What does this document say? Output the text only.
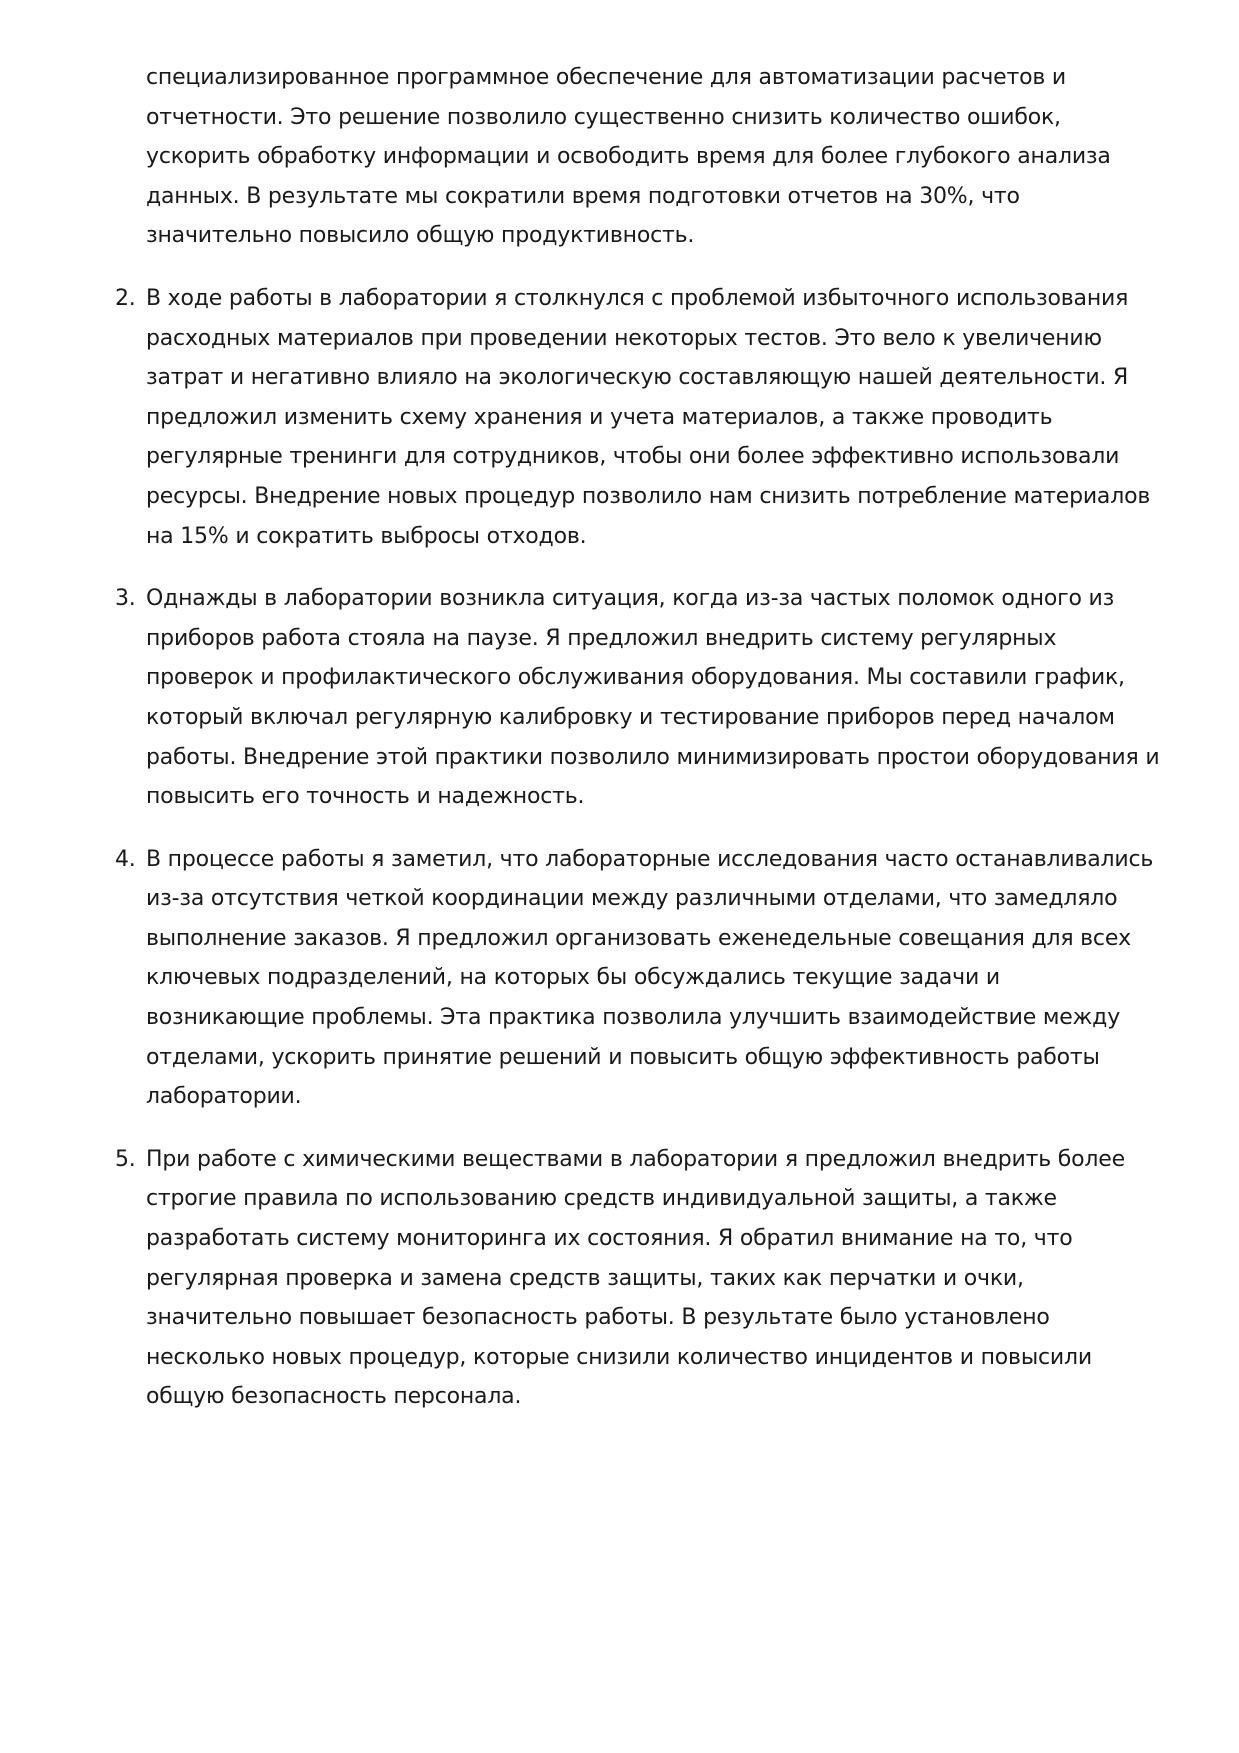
специализированное программное обеспечение для автоматизации расчетов и отчетности. Это решение позволило существенно снизить количество ошибок, ускорить обработку информации и освободить время для более глубокого анализа данных. В результате мы сократили время подготовки отчетов на 30%, что значительно повысило общую продуктивность.

2. В ходе работы в лаборатории я столкнулся с проблемой избыточного использования расходных материалов при проведении некоторых тестов. Это вело к увеличению затрат и негативно влияло на экологическую составляющую нашей деятельности. Я предложил изменить схему хранения и учета материалов, а также проводить регулярные тренинги для сотрудников, чтобы они более эффективно использовали ресурсы. Внедрение новых процедур позволило нам снизить потребление материалов на 15% и сократить выбросы отходов.
3. Однажды в лаборатории возникла ситуация, когда из-за частых поломок одного из приборов работа стояла на паузе. Я предложил внедрить систему регулярных проверок и профилактического обслуживания оборудования. Мы составили график, который включал регулярную калибровку и тестирование приборов перед началом работы. Внедрение этой практики позволило минимизировать простои оборудования и повысить его точность и надежность.
4. В процессе работы я заметил, что лабораторные исследования часто останавливались из-за отсутствия четкой координации между различными отделами, что замедляло выполнение заказов. Я предложил организовать еженедельные совещания для всех ключевых подразделений, на которых бы обсуждались текущие задачи и возникающие проблемы. Эта практика позволила улучшить взаимодействие между отделами, ускорить принятие решений и повысить общую эффективность работы лаборатории.
5. При работе с химическими веществами в лаборатории я предложил внедрить более строгие правила по использованию средств индивидуальной защиты, а также разработать систему мониторинга их состояния. Я обратил внимание на то, что регулярная проверка и замена средств защиты, таких как перчатки и очки, значительно повышает безопасность работы. В результате было установлено несколько новых процедур, которые снизили количество инцидентов и повысили общую безопасность персонала.
